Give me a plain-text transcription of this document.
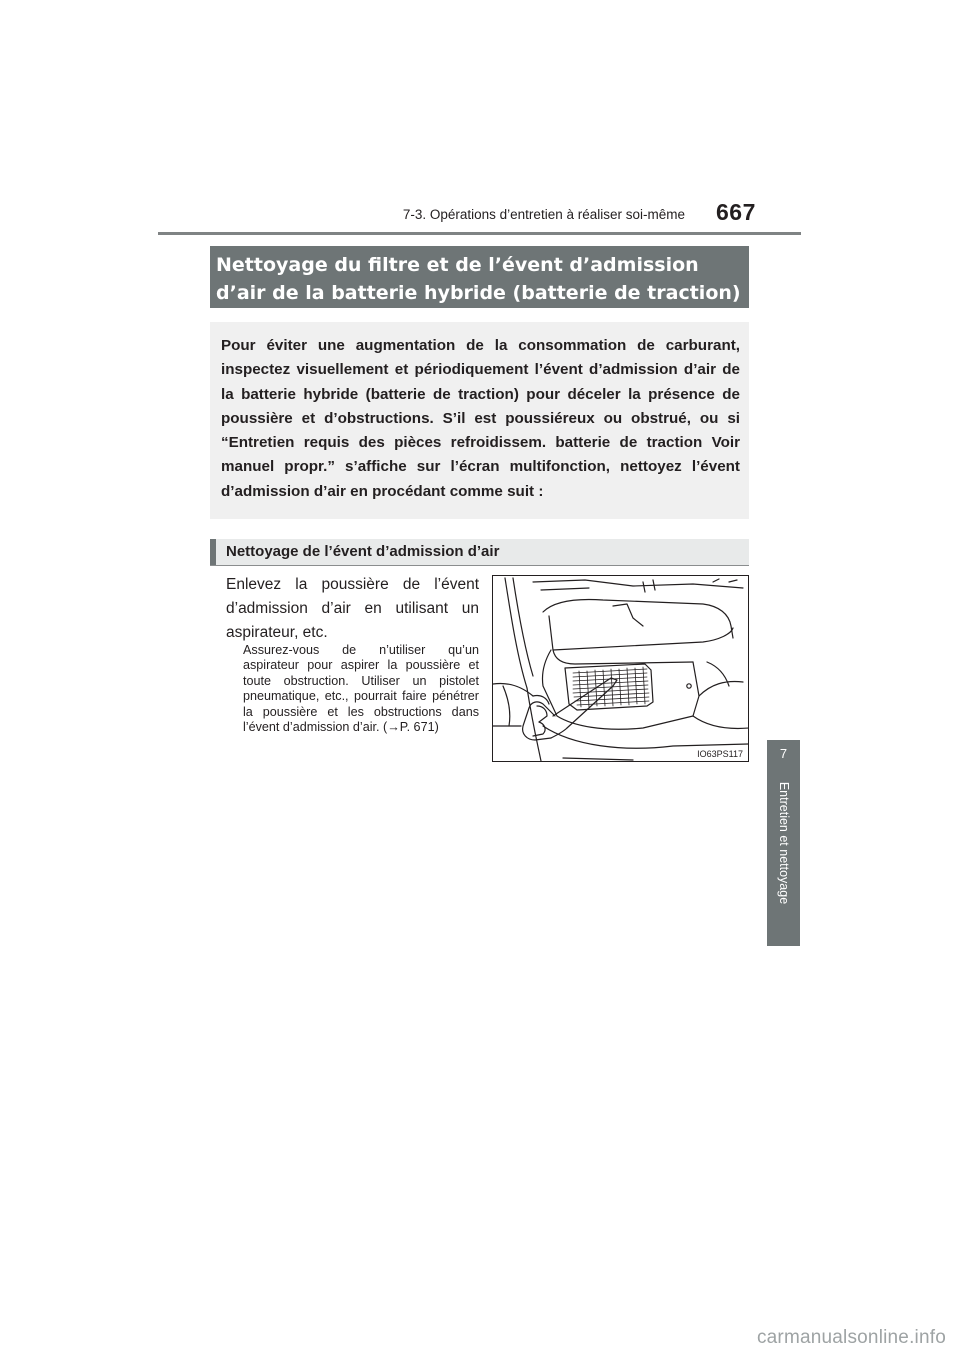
7-3. Opérations d’entretien à réaliser soi-même 667
Nettoyage du filtre et de l’évent d’admission
d’air de la batterie hybride (batterie de traction)
Pour éviter une augmentation de la consommation de carburant, inspectez visuellement et périodiquement l’évent d’admission d’air de la batterie hybride (batterie de traction) pour déceler la présence de poussière et d’obstructions. S’il est poussiéreux ou obstrué, ou si “Entretien requis des pièces refroidissem. batterie de traction Voir manuel propr.” s’affiche sur l’écran multifonction, nettoyez l’évent d’admission d’air en procédant comme suit :
Nettoyage de l’évent d’admission d’air
Enlevez la poussière de l’évent d’admission d’air en utilisant un aspirateur, etc.
Assurez-vous de n’utiliser qu’un aspirateur pour aspirer la poussière et toute obstruction. Utiliser un pistolet pneumatique, etc., pourrait faire pénétrer la poussière et les obstructions dans l’évent d’admission d’air. (→P. 671)
IO63PS117	7
Entretien et nettoyage
carmanualsonline.info
